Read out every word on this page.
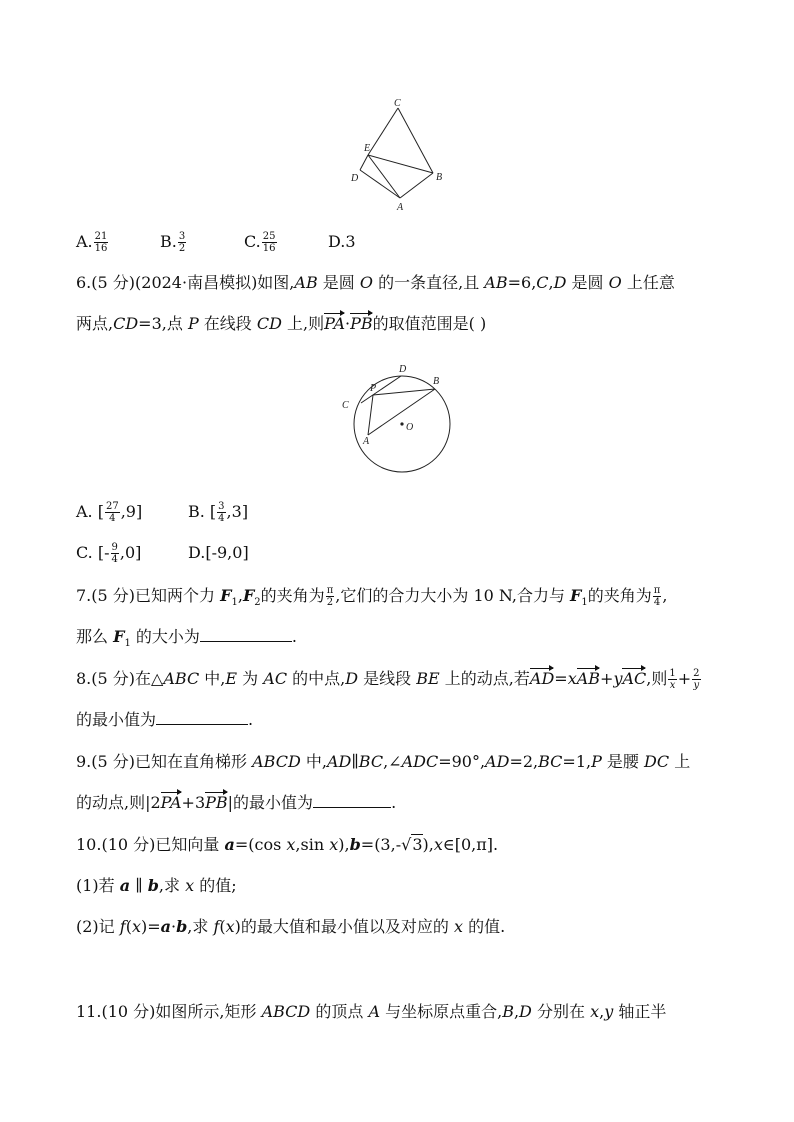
C
E
D	B
A
A. $\frac{21}{16}$	B. $\frac{3}{2}$	C. $\frac{25}{16}$	D.3
6.(5 分)(2024·南昌模拟)如图,AB 是圆 O 的一条直径,且 AB=6,C,D 是圆 O 上任意
两点,CD=3,点 P 在线段 CD 上,则PA·PB的取值范围是( )
D
B
P
C
O
A
A. [ $\frac{27}{4} ,9$]	B. [ $\frac{3}{4} ,3$]
C. [- $\frac{9}{4} ,0$]	D.[-9,0]
7.(5 分)已知两个力 $F_1,F_2$的夹角为 $\frac{\pi}{2}$ ,它们的合力大小为 10 N,合力与 $F_1$的夹角为 $\frac{\pi}{4}$ ,
那么 $F_1$ 的大小为	.
8.(5 分)在△ABC 中,E 为 AC 的中点,D 是线段 BE 上的动点,若AD=xAB+yAC,则 $\frac{1}{x} + \frac{2}{y}$
的最小值为	.
9.(5 分)已知在直角梯形 ABCD 中,AD∥BC,∠ADC=90°,AD=2,BC=1,P 是腰 DC 上
的动点,则|2PA+3PB|的最小值为	.
10.(10 分)已知向量 a=(cos x,sin x),b=(3,-√3),x∈[0,π].
(1)若 a ∥ b,求 x 的值;
(2)记 f(x)=a·b,求 f(x)的最大值和最小值以及对应的 x 的值.
11.(10 分)如图所示,矩形 ABCD 的顶点 A 与坐标原点重合,B,D 分别在 x,y 轴正半
